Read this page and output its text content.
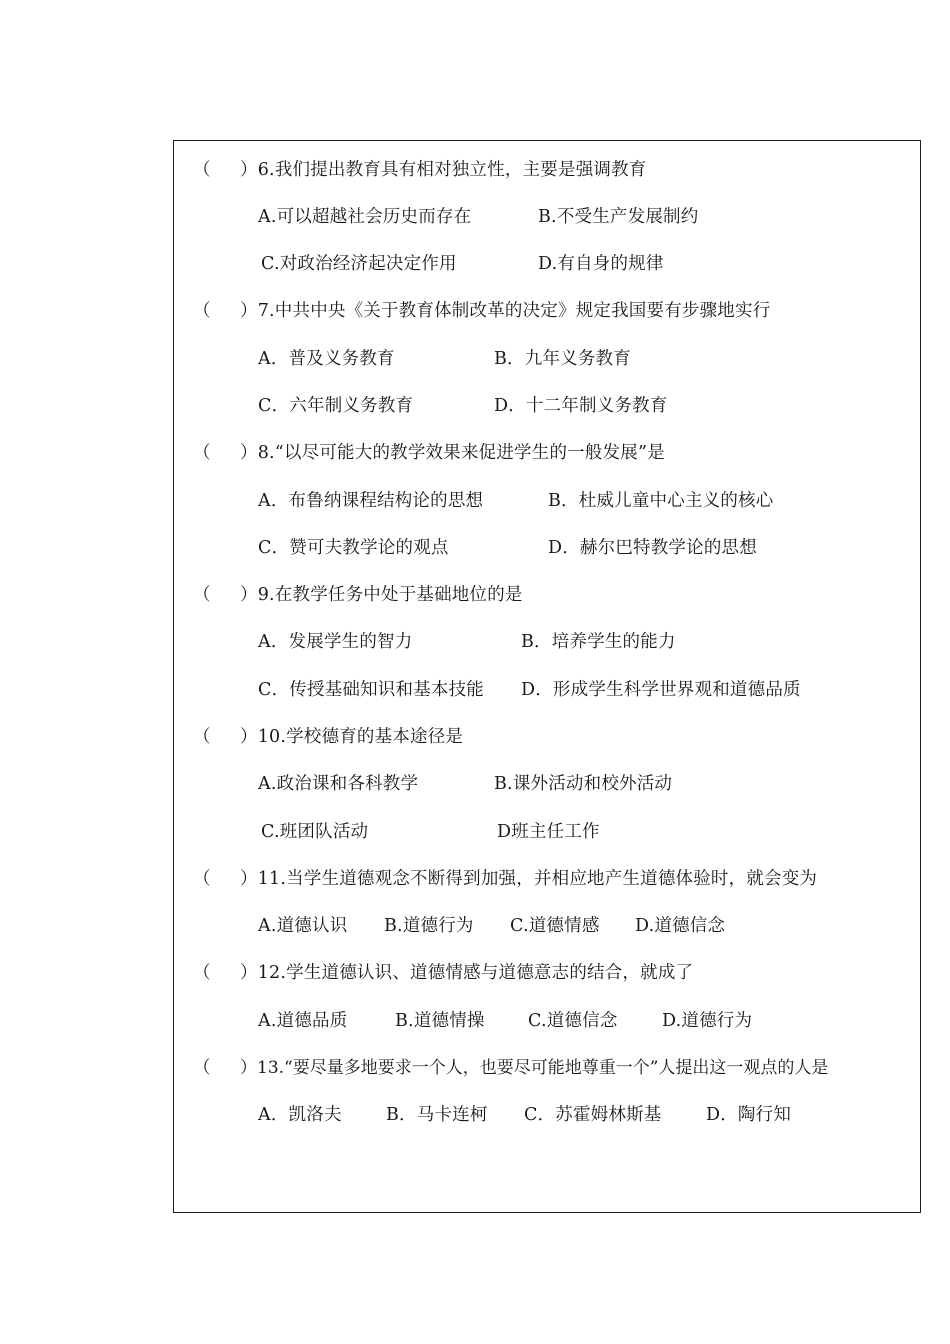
（ ）6.我们提出教育具有相对独立性，主要是强调教育
A.可以超越社会历史而存在	B.不受生产发展制约
C.对政治经济起决定作用	D.有自身的规律
（ ）7.中共中央《关于教育体制改革的决定》规定我国要有步骤地实行
A．普及义务教育	B．九年义务教育
C．六年制义务教育	D．十二年制义务教育
（ ）8.“以尽可能大的教学效果来促进学生的一般发展”是
A．布鲁纳课程结构论的思想	B．杜威儿童中心主义的核心
C．赞可夫教学论的观点	D．赫尔巴特教学论的思想
（ ）9.在教学任务中处于基础地位的是
A．发展学生的智力	B．培养学生的能力
C．传授基础知识和基本技能 D．形成学生科学世界观和道德品质
（ ）10.学校德育的基本途径是
A.政治课和各科教学	B.课外活动和校外活动
C.班团队活动	D班主任工作
（ ）11.当学生道德观念不断得到加强，并相应地产生道德体验时，就会变为
A.道德认识 B.道德行为 C.道德情感 D.道德信念
（ ）12.学生道德认识、道德情感与道德意志的结合，就成了
A.道德品质	B.道德情操 C.道德信念	D.道德行为
（ ）13.“要尽量多地要求一个人，也要尽可能地尊重一个”人提出这一观点的人是
A．凯洛夫	B．马卡连柯 C．苏霍姆林斯基	D．陶行知
